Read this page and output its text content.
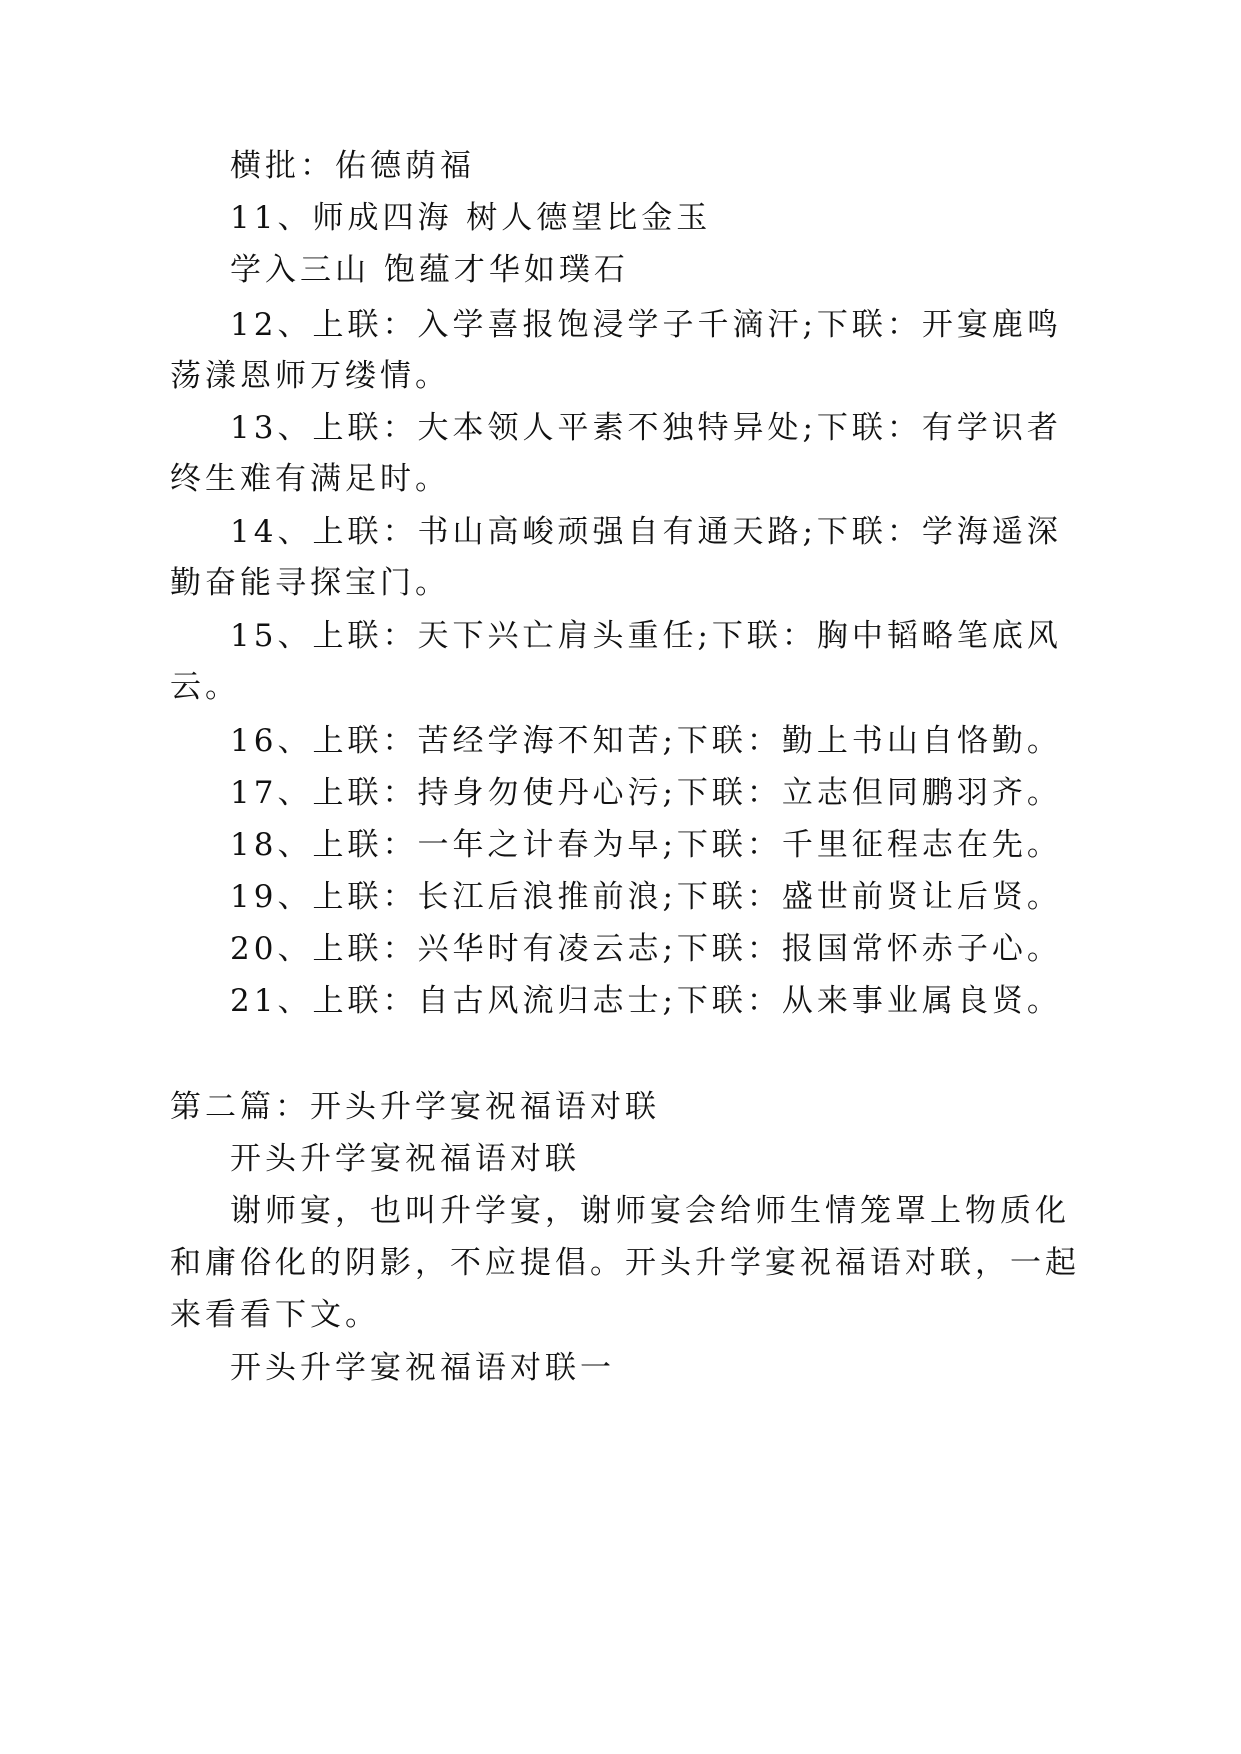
横批：佑德荫福
11、师成四海 树人德望比金玉
学入三山 饱蕴才华如璞石
12、上联：入学喜报饱浸学子千滴汗;下联：开宴鹿鸣
荡漾恩师万缕情。
13、上联：大本领人平素不独特异处;下联：有学识者
终生难有满足时。
14、上联：书山高峻顽强自有通天路;下联：学海遥深
勤奋能寻探宝门。
15、上联：天下兴亡肩头重任;下联：胸中韬略笔底风
云。
16、上联：苦经学海不知苦;下联：勤上书山自恪勤。
17、上联：持身勿使丹心污;下联：立志但同鹏羽齐。
18、上联：一年之计春为早;下联：千里征程志在先。
19、上联：长江后浪推前浪;下联：盛世前贤让后贤。
20、上联：兴华时有凌云志;下联：报国常怀赤子心。
21、上联：自古风流归志士;下联：从来事业属良贤。
第二篇：开头升学宴祝福语对联
开头升学宴祝福语对联
谢师宴，也叫升学宴，谢师宴会给师生情笼罩上物质化
和庸俗化的阴影，不应提倡。开头升学宴祝福语对联，一起
来看看下文。
开头升学宴祝福语对联一
